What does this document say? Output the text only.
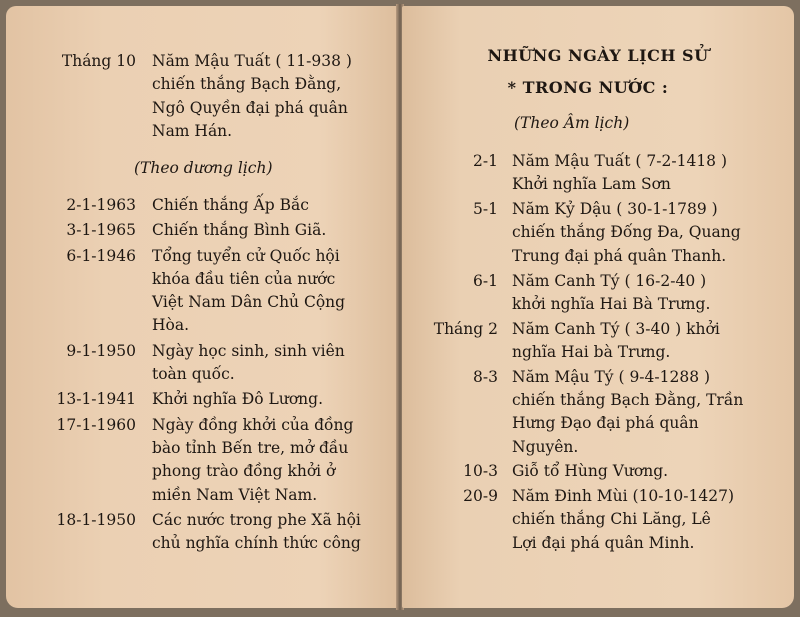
Tháng 10 Năm Mậu Tuất ( 11-938 )
chiến thắng Bạch Đằng,
Ngô Quyền đại phá quân
Nam Hán.
(Theo dương lịch)
2-1-1963 Chiến thắng Ấp Bắc
3-1-1965 Chiến thắng Bình Giã.
6-1-1946 Tổng tuyển cử Quốc hội
khóa đầu tiên của nước
Việt Nam Dân Chủ Cộng
Hòa.
9-1-1950 Ngày học sinh, sinh viên
toàn quốc.
13-1-1941 Khởi nghĩa Đô Lương.
17-1-1960 Ngày đồng khởi của đồng
bào tỉnh Bến tre, mở đầu
phong trào đồng khởi ở
miền Nam Việt Nam.
18-1-1950 Các nước trong phe Xã hội
chủ nghĩa chính thức công
NHỮNG NGÀY LỊCH SỬ
* TRONG NƯỚC :
(Theo Âm lịch)
2-1 Năm Mậu Tuất ( 7-2-1418 )
Khởi nghĩa Lam Sơn
5-1 Năm Kỷ Dậu ( 30-1-1789 )
chiến thắng Đống Đa, Quang
Trung đại phá quân Thanh.
6-1 Năm Canh Tý ( 16-2-40 )
khởi nghĩa Hai Bà Trưng.
Tháng 2 Năm Canh Tý ( 3-40 ) khởi
nghĩa Hai bà Trưng.
8-3 Năm Mậu Tý ( 9-4-1288 )
chiến thắng Bạch Đằng, Trần
Hưng Đạo đại phá quân
Nguyên.
10-3 Giỗ tổ Hùng Vương.
20-9 Năm Đinh Mùi (10-10-1427)
chiến thắng Chi Lăng, Lê
Lợi đại phá quân Minh.
